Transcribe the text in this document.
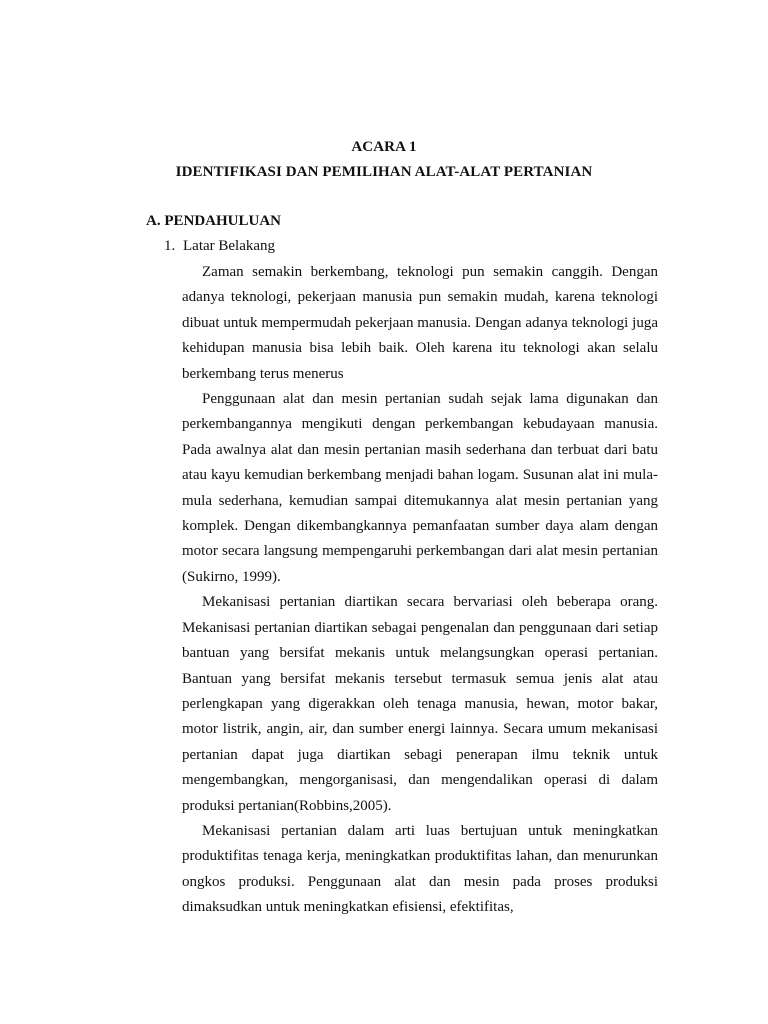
ACARA 1
IDENTIFIKASI DAN PEMILIHAN ALAT-ALAT PERTANIAN
A. PENDAHULUAN
1. Latar Belakang

Zaman semakin berkembang, teknologi pun semakin canggih. Dengan adanya teknologi, pekerjaan manusia pun semakin mudah, karena teknologi dibuat untuk mempermudah pekerjaan manusia. Dengan adanya teknologi juga kehidupan manusia bisa lebih baik. Oleh karena itu teknologi akan selalu berkembang terus menerus

Penggunaan alat dan mesin pertanian sudah sejak lama digunakan dan perkembangannya mengikuti dengan perkembangan kebudayaan manusia. Pada awalnya alat dan mesin pertanian masih sederhana dan terbuat dari batu atau kayu kemudian berkembang menjadi bahan logam. Susunan alat ini mula-mula sederhana, kemudian sampai ditemukannya alat mesin pertanian yang komplek. Dengan dikembangkannya pemanfaatan sumber daya alam dengan motor secara langsung mempengaruhi perkembangan dari alat mesin pertanian (Sukirno, 1999).

Mekanisasi pertanian diartikan secara bervariasi oleh beberapa orang. Mekanisasi pertanian diartikan sebagai pengenalan dan penggunaan dari setiap bantuan yang bersifat mekanis untuk melangsungkan operasi pertanian. Bantuan yang bersifat mekanis tersebut termasuk semua jenis alat atau perlengkapan yang digerakkan oleh tenaga manusia, hewan, motor bakar, motor listrik, angin, air, dan sumber energi lainnya. Secara umum mekanisasi pertanian dapat juga diartikan sebagi penerapan ilmu teknik untuk mengembangkan, mengorganisasi, dan mengendalikan operasi di dalam produksi pertanian(Robbins,2005).

Mekanisasi pertanian dalam arti luas bertujuan untuk meningkatkan produktifitas tenaga kerja, meningkatkan produktifitas lahan, dan menurunkan ongkos produksi. Penggunaan alat dan mesin pada proses produksi dimaksudkan untuk meningkatkan efisiensi, efektifitas,
